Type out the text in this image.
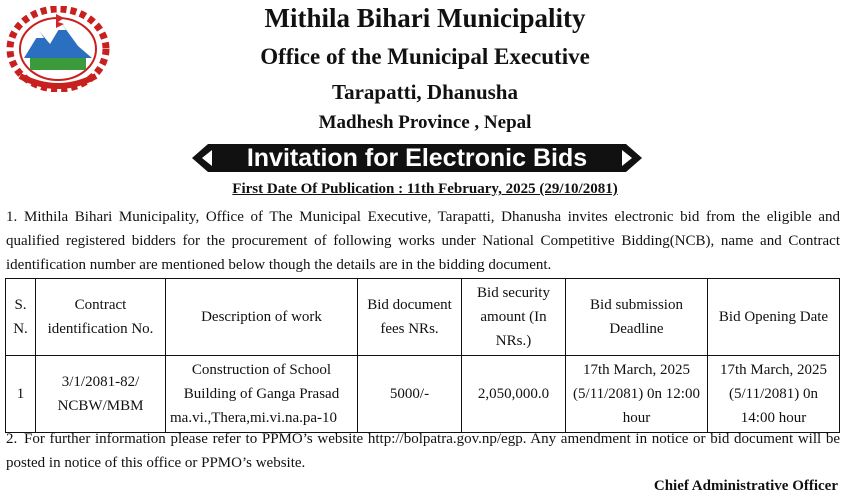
Mithila Bihari Municipality
Office of the Municipal Executive
Tarapatti, Dhanusha
Madhesh Province , Nepal
Invitation for Electronic Bids
First Date Of Publication : 11th February, 2025 (29/10/2081)
1. Mithila Bihari Municipality, Office of The Municipal Executive, Tarapatti, Dhanusha invites electronic bid from the eligible and qualified registered bidders for the procurement of following works under National Competitive Bidding(NCB), name and Contract identification number are mentioned below though the details are in the bidding document.
S. N.	Contract identification No.	Description of work	Bid document fees NRs.	Bid security amount (In NRs.)	Bid submission Deadline	Bid Opening Date
1	3/1/2081-82/ NCBW/MBM	Construction of School Building of Ganga Prasad ma.vi.,Thera,mi.vi.na.pa-10	5000/-	2,050,000.0	17th March, 2025 (5/11/2081) 0n 12:00 hour	17th March, 2025 (5/11/2081) 0n 14:00 hour
2. For further information please refer to PPMO’s website http://bolpatra.gov.np/egp. Any amendment in notice or bid document will be posted in notice of this office or PPMO’s website.
Chief Administrative Officer
